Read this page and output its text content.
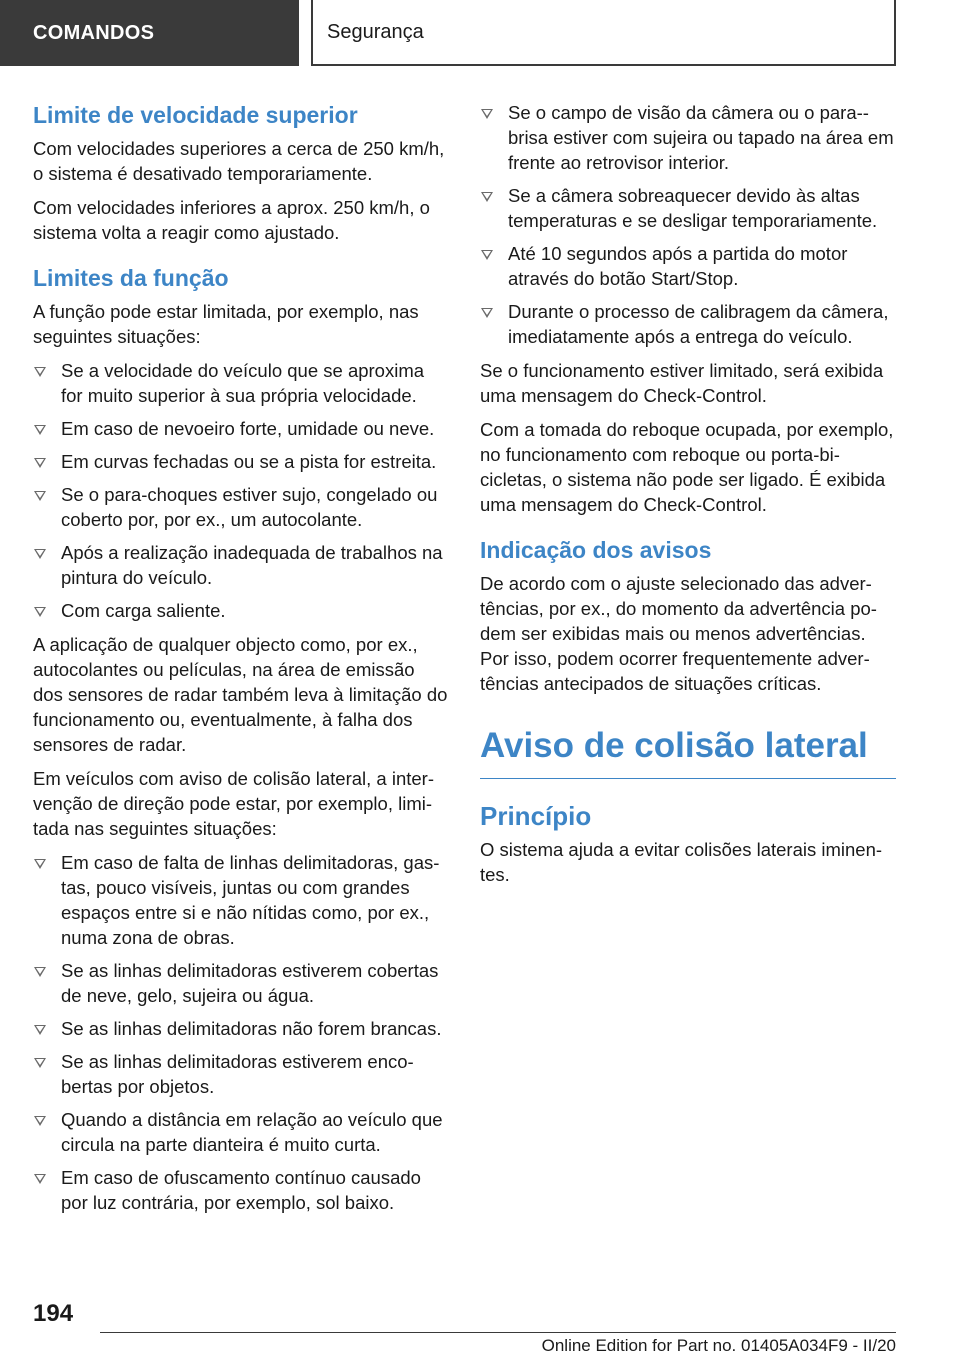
COMANDOS	Segurança
Limite de velocidade superior

Com velocidades superiores a cerca de 250 km/h, o sistema é desativado temporariamente.

Com velocidades inferiores a aprox. 250 km/h, o sistema volta a reagir como ajustado.

Limites da função

A função pode estar limitada, por exemplo, nas seguintes situações:

Se a velocidade do veículo que se aproxima for muito superior à sua própria velocidade.
Em caso de nevoeiro forte, umidade ou neve.
Em curvas fechadas ou se a pista for estreita.
Se o para-choques estiver sujo, congelado ou coberto por, por ex., um autocolante.
Após a realização inadequada de trabalhos na pintura do veículo.
Com carga saliente.

A aplicação de qualquer objecto como, por ex., autocolantes ou películas, na área de emissão dos sensores de radar também leva à limitação do funcionamento ou, eventualmente, à falha dos sensores de radar.

Em veículos com aviso de colisão lateral, a intervenção de direção pode estar, por exemplo, limitada nas seguintes situações:

Em caso de falta de linhas delimitadoras, gastas, pouco visíveis, juntas ou com grandes espaços entre si e não nítidas como, por ex., numa zona de obras.
Se as linhas delimitadoras estiverem cobertas de neve, gelo, sujeira ou água.
Se as linhas delimitadoras não forem brancas.
Se as linhas delimitadoras estiverem encobertas por objetos.
Quando a distância em relação ao veículo que circula na parte dianteira é muito curta.
Em caso de ofuscamento contínuo causado por luz contrária, por exemplo, sol baixo.
Se o campo de visão da câmera ou o para-brisa estiver com sujeira ou tapado na área em frente ao retrovisor interior.
Se a câmera sobreaquecer devido às altas temperaturas e se desligar temporariamente.
Até 10 segundos após a partida do motor através do botão Start/Stop.
Durante o processo de calibragem da câmera, imediatamente após a entrega do veículo.

Se o funcionamento estiver limitado, será exibida uma mensagem do Check-Control.

Com a tomada do reboque ocupada, por exemplo, no funcionamento com reboque ou porta-bicicletas, o sistema não pode ser ligado. É exibida uma mensagem do Check-Control.

Indicação dos avisos

De acordo com o ajuste selecionado das advertências, por ex., do momento da advertência podem ser exibidas mais ou menos advertências. Por isso, podem ocorrer frequentemente advertências antecipados de situações críticas.

Aviso de colisão lateral
Princípio

O sistema ajuda a evitar colisões laterais iminentes.

194
Online Edition for Part no. 01405A034F9 - II/20
